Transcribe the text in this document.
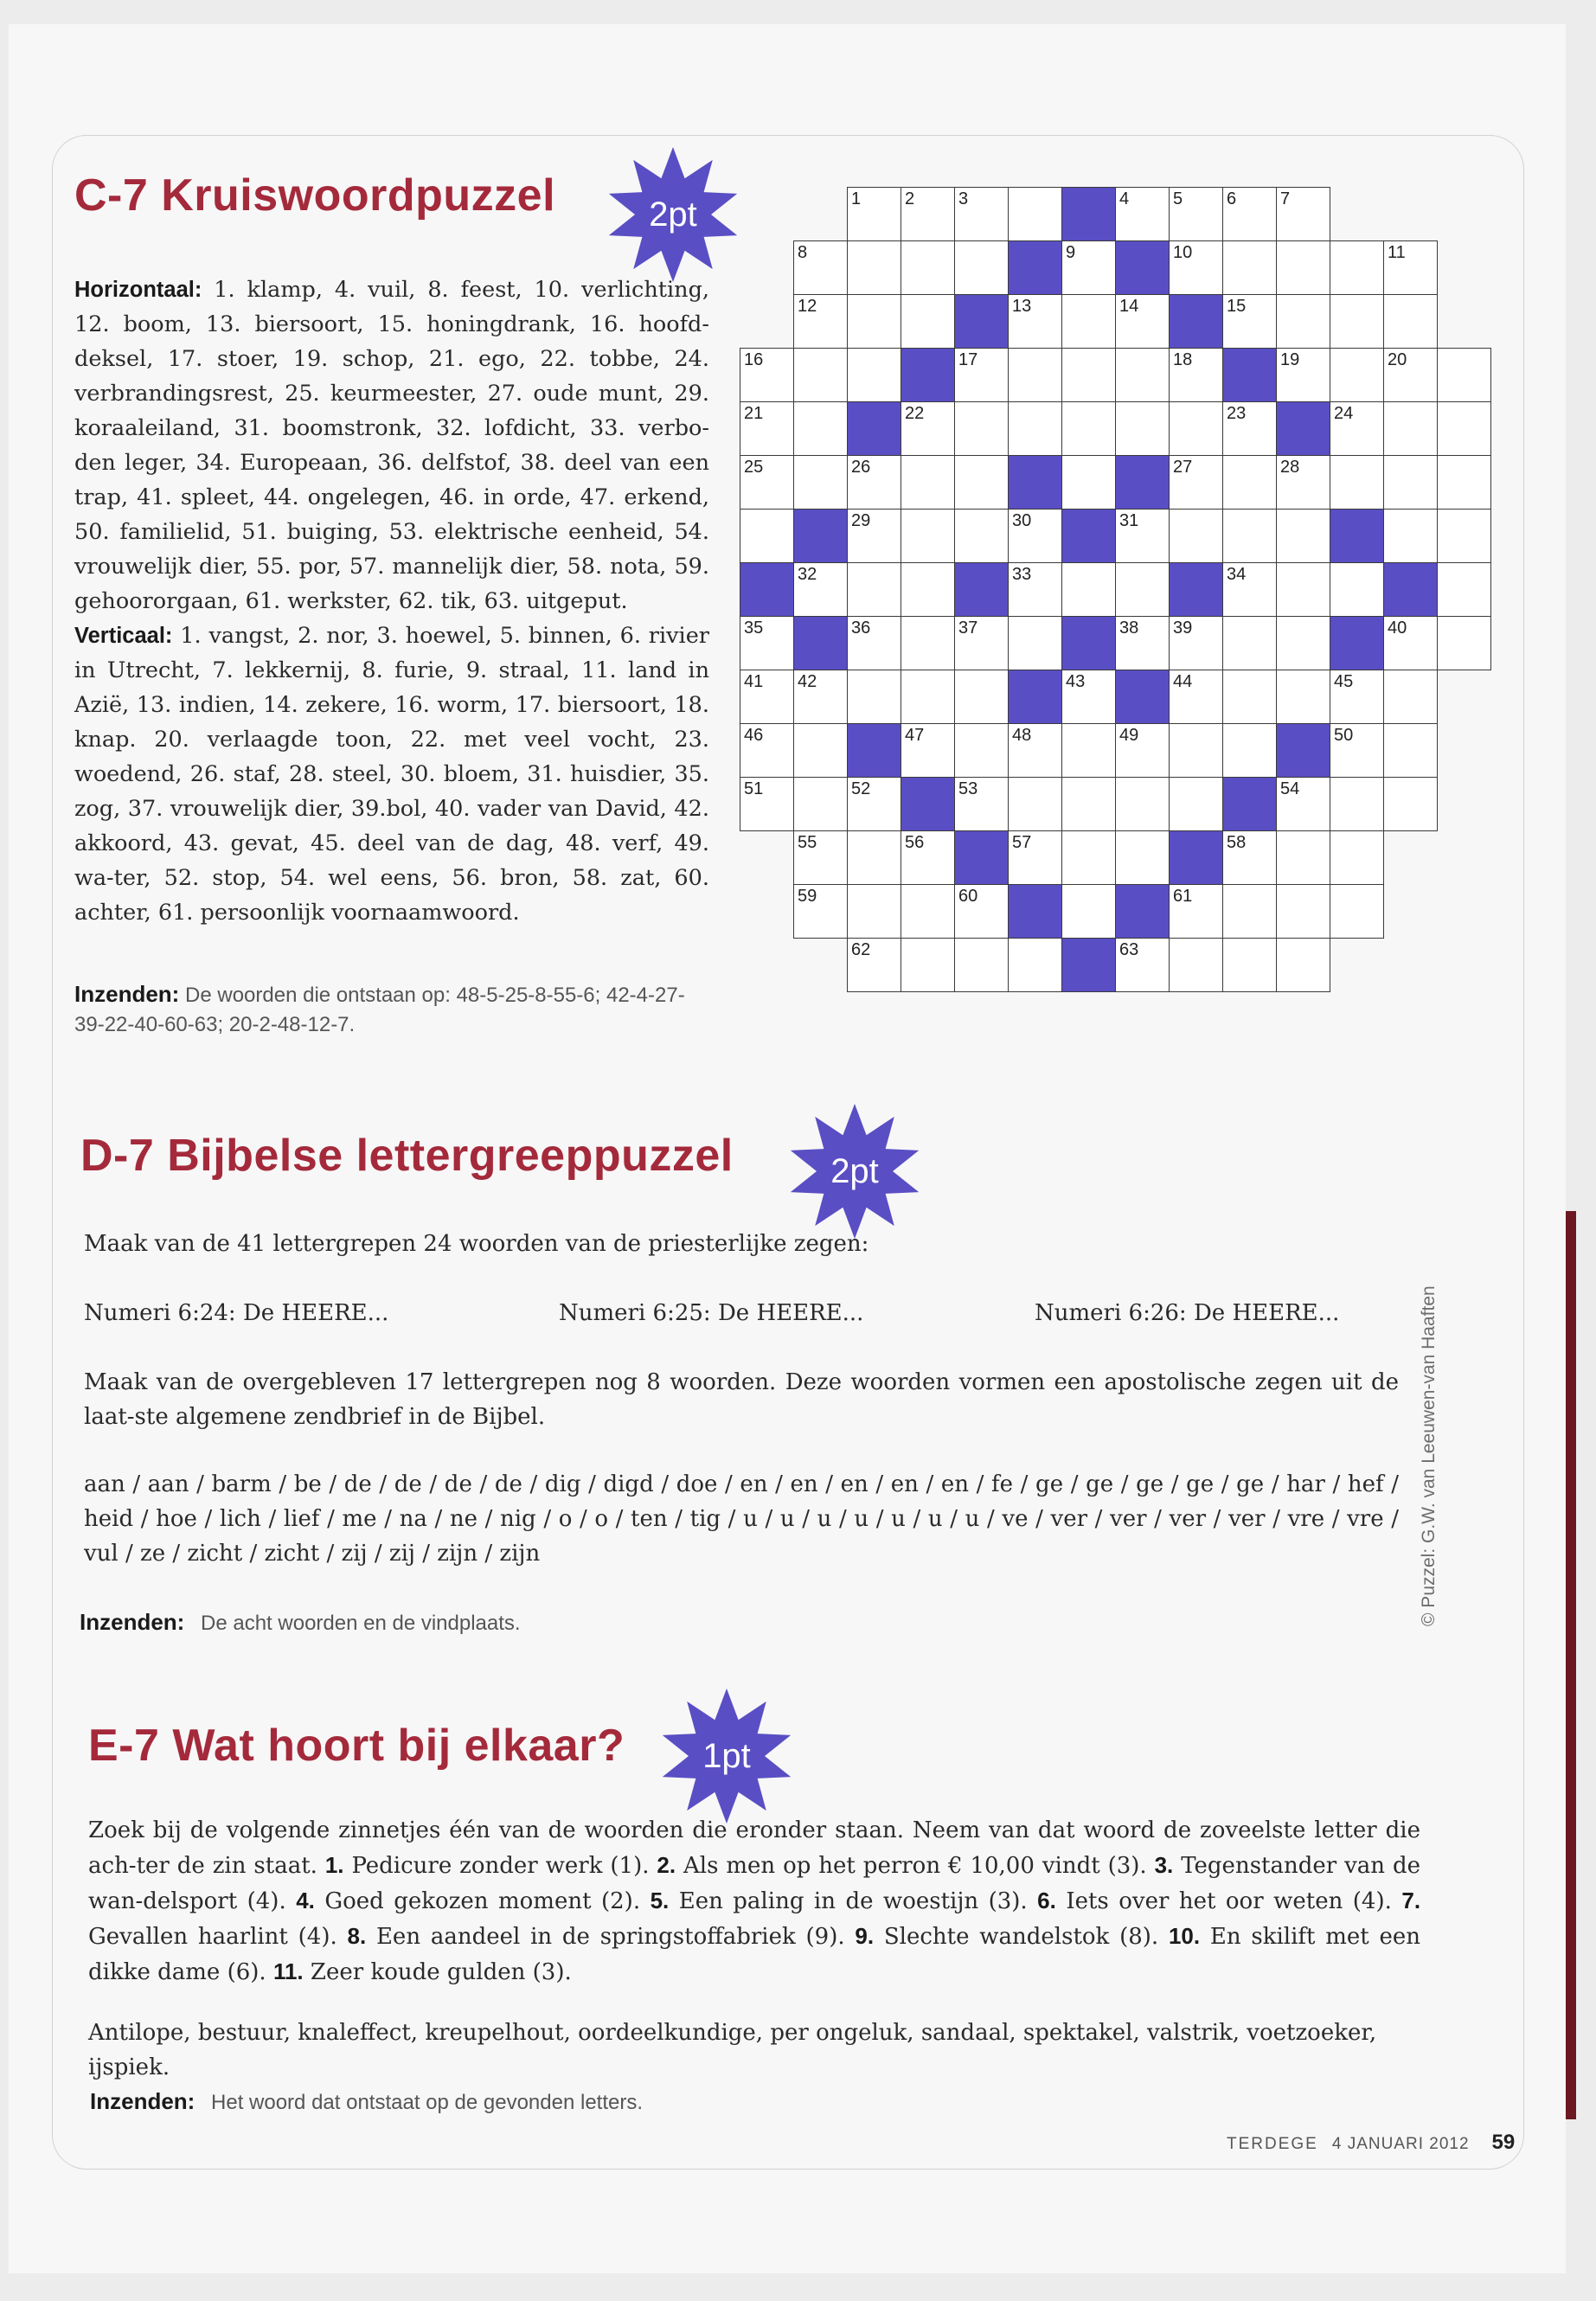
C-7 Kruiswoordpuzzel	2pt
Horizontaal: 1. klamp, 4. vuil, 8. feest, 10. verlichting, 12. boom, 13. biersoort, 15. honingdrank, 16. hoofd-deksel, 17. stoer, 19. schop, 21. ego, 22. tobbe, 24. verbrandingsrest, 25. keurmeester, 27. oude munt, 29. koraaleiland, 31. boomstronk, 32. lofdicht, 33. verbo-den leger, 34. Europeaan, 36. delfstof, 38. deel van een trap, 41. spleet, 44. ongelegen, 46. in orde, 47. erkend, 50. familielid, 51. buiging, 53. elektrische eenheid, 54. vrouwelijk dier, 55. por, 57. mannelijk dier, 58. nota, 59. gehoororgaan, 61. werkster, 62. tik, 63. uitgeput.
Verticaal: 1. vangst, 2. nor, 3. hoewel, 5. binnen, 6. rivier in Utrecht, 7. lekkernij, 8. furie, 9. straal, 11. land in Azië, 13. indien, 14. zekere, 16. worm, 17. biersoort, 18. knap. 20. verlaagde toon, 22. met veel vocht, 23. woedend, 26. staf, 28. steel, 30. bloem, 31. huisdier, 35. zog, 37. vrouwelijk dier, 39.bol, 40. vader van David, 42. akkoord, 43. gevat, 45. deel van de dag, 48. verf, 49. wa-ter, 52. stop, 54. wel eens, 56. bron, 58. zat, 60. achter, 61. persoonlijk voornaamwoord.
Inzenden: De woorden die ontstaan op: 48-5-25-8-55-6; 42-4-27-39-22-40-60-63; 20-2-48-12-7.
1	2	3	4	5	6	7
8	9	10	11
12	13	14	15
16	17	18	19	20
21	22	23	24
25	26	27	28
29	30	31
32	33	34
35	36	37	38 39	40
41 42	43	44	45
46	47	48	49	50
51	52	53	54
55	56	57	58
59	60	61
62	63
D-7 Bijbelse lettergreeppuzzel	2pt
Maak van de 41 lettergrepen 24 woorden van de priesterlijke zegen:
Numeri 6:24: De HEERE...	Numeri 6:25: De HEERE...	Numeri 6:26: De HEERE...
Maak van de overgebleven 17 lettergrepen nog 8 woorden. Deze woorden vormen een apostolische zegen uit de laat-ste algemene zendbrief in de Bijbel.
aan / aan / barm / be / de / de / de / de / dig / digd / doe / en / en / en / en / en / fe / ge / ge / ge / ge / ge / har / hef / heid / hoe / lich / lief / me / na / ne / nig / o / o / ten / tig / u / u / u / u / u / u / u / ve / ver / ver / ver / ver / vre / vre / vul / ze / zicht / zicht / zij / zij / zijn / zijn
Inzenden: De acht woorden en de vindplaats.
E-7 Wat hoort bij elkaar?	1pt
Zoek bij de volgende zinnetjes één van de woorden die eronder staan. Neem van dat woord de zoveelste letter die ach-ter de zin staat. 1. Pedicure zonder werk (1). 2. Als men op het perron € 10,00 vindt (3). 3. Tegenstander van de wan-delsport (4). 4. Goed gekozen moment (2). 5. Een paling in de woestijn (3). 6. Iets over het oor weten (4). 7. Gevallen haarlint (4). 8. Een aandeel in de springstoffabriek (9). 9. Slechte wandelstok (8). 10. En skilift met een dikke dame (6). 11. Zeer koude gulden (3).
Antilope, bestuur, knaleffect, kreupelhout, oordeelkundige, per ongeluk, sandaal, spektakel, valstrik, voetzoeker, ijspiek.
Inzenden: Het woord dat ontstaat op de gevonden letters.
© Puzzel: G.W. van Leeuwen-van Haaften
TERDEGE 4 JANUARI 2012 59
